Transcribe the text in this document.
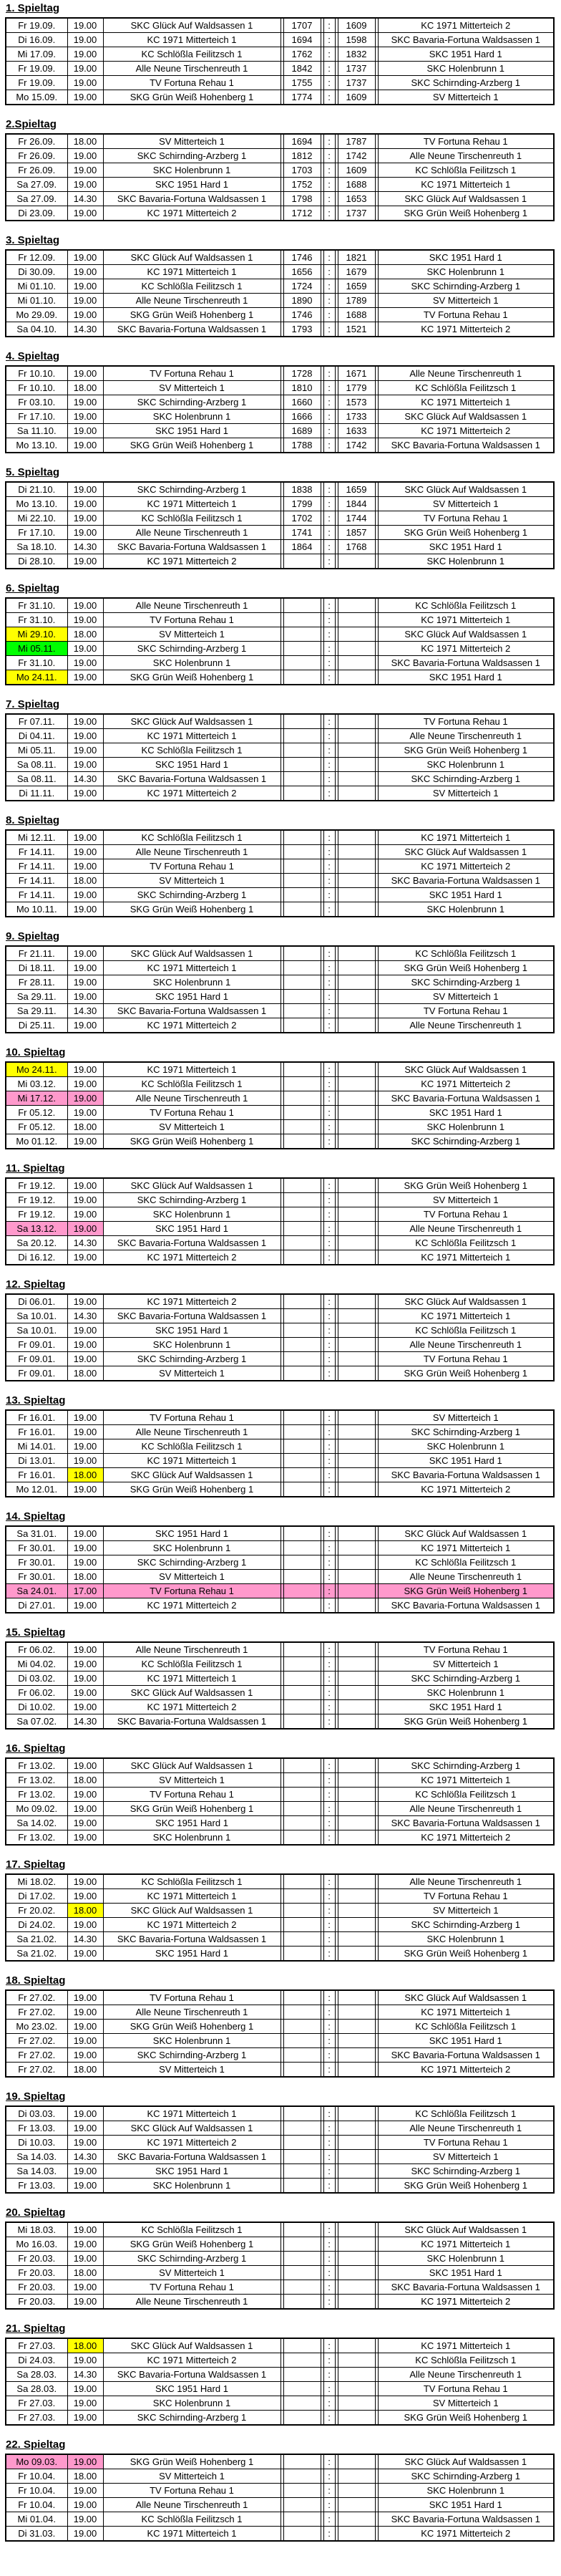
1. Spieltag
Fr 19.09.	19.00	SKC Glück Auf Waldsassen 1		1707		:		1609		KC 1971 Mitterteich 2
Di 16.09.	19.00	KC 1971 Mitterteich 1		1694		:		1598		SKC Bavaria-Fortuna Waldsassen 1
Mi 17.09.	19.00	KC Schlößla Feilitzsch 1		1762		:		1832		SKC 1951 Hard 1
Fr 19.09.	19.00	Alle Neune Tirschenreuth 1		1842		:		1737		SKC Holenbrunn 1
Fr 19.09.	19.00	TV Fortuna Rehau 1		1755		:		1737		SKC Schirnding-Arzberg 1
Mo 15.09.	19.00	SKG Grün Weiß Hohenberg 1		1774		:		1609		SV Mitterteich 1
2.Spieltag
Fr 26.09.	18.00	SV Mitterteich 1		1694		:		1787		TV Fortuna Rehau 1
Fr 26.09.	19.00	SKC Schirnding-Arzberg 1		1812		:		1742		Alle Neune Tirschenreuth 1
Fr 26.09.	19.00	SKC Holenbrunn 1		1703		:		1609		KC Schlößla Feilitzsch 1
Sa 27.09.	19.00	SKC 1951 Hard 1		1752		:		1688		KC 1971 Mitterteich 1
Sa 27.09.	14.30	SKC Bavaria-Fortuna Waldsassen 1		1798		:		1653		SKC Glück Auf Waldsassen 1
Di 23.09.	19.00	KC 1971 Mitterteich 2		1712		:		1737		SKG Grün Weiß Hohenberg 1
3. Spieltag
Fr 12.09.	19.00	SKC Glück Auf Waldsassen 1		1746		:		1821		SKC 1951 Hard 1
Di 30.09.	19.00	KC 1971 Mitterteich 1		1656		:		1679		SKC Holenbrunn 1
Mi 01.10.	19.00	KC Schlößla Feilitzsch 1		1724		:		1659		SKC Schirnding-Arzberg 1
Mi 01.10.	19.00	Alle Neune Tirschenreuth 1		1890		:		1789		SV Mitterteich 1
Mo 29.09.	19.00	SKG Grün Weiß Hohenberg 1		1746		:		1688		TV Fortuna Rehau 1
Sa 04.10.	14.30	SKC Bavaria-Fortuna Waldsassen 1		1793		:		1521		KC 1971 Mitterteich 2
4. Spieltag
Fr 10.10.	19.00	TV Fortuna Rehau 1		1728		:		1671		Alle Neune Tirschenreuth 1
Fr 10.10.	18.00	SV Mitterteich 1		1810		:		1779		KC Schlößla Feilitzsch 1
Fr 03.10.	19.00	SKC Schirnding-Arzberg 1		1660		:		1573		KC 1971 Mitterteich 1
Fr 17.10.	19.00	SKC Holenbrunn 1		1666		:		1733		SKC Glück Auf Waldsassen 1
Sa 11.10.	19.00	SKC 1951 Hard 1		1689		:		1633		KC 1971 Mitterteich 2
Mo 13.10.	19.00	SKG Grün Weiß Hohenberg 1		1788		:		1742		SKC Bavaria-Fortuna Waldsassen 1
5. Spieltag
Di 21.10.	19.00	SKC Schirnding-Arzberg 1		1838		:		1659		SKC Glück Auf Waldsassen 1
Mo 13.10.	19.00	KC 1971 Mitterteich 1		1799		:		1844		SV Mitterteich 1
Mi 22.10.	19.00	KC Schlößla Feilitzsch 1		1702		:		1744		TV Fortuna Rehau 1
Fr 17.10.	19.00	Alle Neune Tirschenreuth 1		1741		:		1857		SKG Grün Weiß Hohenberg 1
Sa 18.10.	14.30	SKC Bavaria-Fortuna Waldsassen 1		1864		:		1768		SKC 1951 Hard 1
Di 28.10.	19.00	KC 1971 Mitterteich 2				:				SKC Holenbrunn 1
6. Spieltag
Fr 31.10.	19.00	Alle Neune Tirschenreuth 1				:				KC Schlößla Feilitzsch 1
Fr 31.10.	19.00	TV Fortuna Rehau 1				:				KC 1971 Mitterteich 1
Mi 29.10.	18.00	SV Mitterteich 1				:				SKC Glück Auf Waldsassen 1
Mi 05.11.	19.00	SKC Schirnding-Arzberg 1				:				KC 1971 Mitterteich 2
Fr 31.10.	19.00	SKC Holenbrunn 1				:				SKC Bavaria-Fortuna Waldsassen 1
Mo 24.11.	19.00	SKG Grün Weiß Hohenberg 1				:				SKC 1951 Hard 1
7. Spieltag
Fr 07.11.	19.00	SKC Glück Auf Waldsassen 1				:				TV Fortuna Rehau 1
Di 04.11.	19.00	KC 1971 Mitterteich 1				:				Alle Neune Tirschenreuth 1
Mi 05.11.	19.00	KC Schlößla Feilitzsch 1				:				SKG Grün Weiß Hohenberg 1
Sa 08.11.	19.00	SKC 1951 Hard 1				:				SKC Holenbrunn 1
Sa 08.11.	14.30	SKC Bavaria-Fortuna Waldsassen 1				:				SKC Schirnding-Arzberg 1
Di 11.11.	19.00	KC 1971 Mitterteich 2				:				SV Mitterteich 1
8. Spieltag
Mi 12.11.	19.00	KC Schlößla Feilitzsch 1				:				KC 1971 Mitterteich 1
Fr 14.11.	19.00	Alle Neune Tirschenreuth 1				:				SKC Glück Auf Waldsassen 1
Fr 14.11.	19.00	TV Fortuna Rehau 1				:				KC 1971 Mitterteich 2
Fr 14.11.	18.00	SV Mitterteich 1				:				SKC Bavaria-Fortuna Waldsassen 1
Fr 14.11.	19.00	SKC Schirnding-Arzberg 1				:				SKC 1951 Hard 1
Mo 10.11.	19.00	SKG Grün Weiß Hohenberg 1				:				SKC Holenbrunn 1
9. Spieltag
Fr 21.11.	19.00	SKC Glück Auf Waldsassen 1				:				KC Schlößla Feilitzsch 1
Di 18.11.	19.00	KC 1971 Mitterteich 1				:				SKG Grün Weiß Hohenberg 1
Fr 28.11.	19.00	SKC Holenbrunn 1				:				SKC Schirnding-Arzberg 1
Sa 29.11.	19.00	SKC 1951 Hard 1				:				SV Mitterteich 1
Sa 29.11.	14.30	SKC Bavaria-Fortuna Waldsassen 1				:				TV Fortuna Rehau 1
Di 25.11.	19.00	KC 1971 Mitterteich 2				:				Alle Neune Tirschenreuth 1
10. Spieltag
Mo 24.11.	19.00	KC 1971 Mitterteich 1				:				SKC Glück Auf Waldsassen 1
Mi 03.12.	19.00	KC Schlößla Feilitzsch 1				:				KC 1971 Mitterteich 2
Mi 17.12.	19.00	Alle Neune Tirschenreuth 1				:				SKC Bavaria-Fortuna Waldsassen 1
Fr 05.12.	19.00	TV Fortuna Rehau 1				:				SKC 1951 Hard 1
Fr 05.12.	18.00	SV Mitterteich 1				:				SKC Holenbrunn 1
Mo 01.12.	19.00	SKG Grün Weiß Hohenberg 1				:				SKC Schirnding-Arzberg 1
11. Spieltag
Fr 19.12.	19.00	SKC Glück Auf Waldsassen 1				:				SKG Grün Weiß Hohenberg 1
Fr 19.12.	19.00	SKC Schirnding-Arzberg 1				:				SV Mitterteich 1
Fr 19.12.	19.00	SKC Holenbrunn 1				:				TV Fortuna Rehau 1
Sa 13.12.	19.00	SKC 1951 Hard 1				:				Alle Neune Tirschenreuth 1
Sa 20.12.	14.30	SKC Bavaria-Fortuna Waldsassen 1				:				KC Schlößla Feilitzsch 1
Di 16.12.	19.00	KC 1971 Mitterteich 2				:				KC 1971 Mitterteich 1
12. Spieltag
Di 06.01.	19.00	KC 1971 Mitterteich 2				:				SKC Glück Auf Waldsassen 1
Sa 10.01.	14.30	SKC Bavaria-Fortuna Waldsassen 1				:				KC 1971 Mitterteich 1
Sa 10.01.	19.00	SKC 1951 Hard 1				:				KC Schlößla Feilitzsch 1
Fr 09.01.	19.00	SKC Holenbrunn 1				:				Alle Neune Tirschenreuth 1
Fr 09.01.	19.00	SKC Schirnding-Arzberg 1				:				TV Fortuna Rehau 1
Fr 09.01.	18.00	SV Mitterteich 1				:				SKG Grün Weiß Hohenberg 1
13. Spieltag
Fr 16.01.	19.00	TV Fortuna Rehau 1				:				SV Mitterteich 1
Fr 16.01.	19.00	Alle Neune Tirschenreuth 1				:				SKC Schirnding-Arzberg 1
Mi 14.01.	19.00	KC Schlößla Feilitzsch 1				:				SKC Holenbrunn 1
Di 13.01.	19.00	KC 1971 Mitterteich 1				:				SKC 1951 Hard 1
Fr 16.01.	18.00	SKC Glück Auf Waldsassen 1				:				SKC Bavaria-Fortuna Waldsassen 1
Mo 12.01.	19.00	SKG Grün Weiß Hohenberg 1				:				KC 1971 Mitterteich 2
14. Spieltag
Sa 31.01.	19.00	SKC 1951 Hard 1				:				SKC Glück Auf Waldsassen 1
Fr 30.01.	19.00	SKC Holenbrunn 1				:				KC 1971 Mitterteich 1
Fr 30.01.	19.00	SKC Schirnding-Arzberg 1				:				KC Schlößla Feilitzsch 1
Fr 30.01.	18.00	SV Mitterteich 1				:				Alle Neune Tirschenreuth 1
Sa 24.01.	17.00	TV Fortuna Rehau 1				:				SKG Grün Weiß Hohenberg 1
Di 27.01.	19.00	KC 1971 Mitterteich 2				:				SKC Bavaria-Fortuna Waldsassen 1
15. Spieltag
Fr 06.02.	19.00	Alle Neune Tirschenreuth 1				:				TV Fortuna Rehau 1
Mi 04.02.	19.00	KC Schlößla Feilitzsch 1				:				SV Mitterteich 1
Di 03.02.	19.00	KC 1971 Mitterteich 1				:				SKC Schirnding-Arzberg 1
Fr 06.02.	19.00	SKC Glück Auf Waldsassen 1				:				SKC Holenbrunn 1
Di 10.02.	19.00	KC 1971 Mitterteich 2				:				SKC 1951 Hard 1
Sa 07.02.	14.30	SKC Bavaria-Fortuna Waldsassen 1				:				SKG Grün Weiß Hohenberg 1
16. Spieltag
Fr 13.02.	19.00	SKC Glück Auf Waldsassen 1				:				SKC Schirnding-Arzberg 1
Fr 13.02.	18.00	SV Mitterteich 1				:				KC 1971 Mitterteich 1
Fr 13.02.	19.00	TV Fortuna Rehau 1				:				KC Schlößla Feilitzsch 1
Mo 09.02.	19.00	SKG Grün Weiß Hohenberg 1				:				Alle Neune Tirschenreuth 1
Sa 14.02.	19.00	SKC 1951 Hard 1				:				SKC Bavaria-Fortuna Waldsassen 1
Fr 13.02.	19.00	SKC Holenbrunn 1				:				KC 1971 Mitterteich 2
17. Spieltag
Mi 18.02.	19.00	KC Schlößla Feilitzsch 1				:				Alle Neune Tirschenreuth 1
Di 17.02.	19.00	KC 1971 Mitterteich 1				:				TV Fortuna Rehau 1
Fr 20.02.	18.00	SKC Glück Auf Waldsassen 1				:				SV Mitterteich 1
Di 24.02.	19.00	KC 1971 Mitterteich 2				:				SKC Schirnding-Arzberg 1
Sa 21.02.	14.30	SKC Bavaria-Fortuna Waldsassen 1				:				SKC Holenbrunn 1
Sa 21.02.	19.00	SKC 1951 Hard 1				:				SKG Grün Weiß Hohenberg 1
18. Spieltag
Fr 27.02.	19.00	TV Fortuna Rehau 1				:				SKC Glück Auf Waldsassen 1
Fr 27.02.	19.00	Alle Neune Tirschenreuth 1				:				KC 1971 Mitterteich 1
Mo 23.02.	19.00	SKG Grün Weiß Hohenberg 1				:				KC Schlößla Feilitzsch 1
Fr 27.02.	19.00	SKC Holenbrunn 1				:				SKC 1951 Hard 1
Fr 27.02.	19.00	SKC Schirnding-Arzberg 1				:				SKC Bavaria-Fortuna Waldsassen 1
Fr 27.02.	18.00	SV Mitterteich 1				:				KC 1971 Mitterteich 2
19. Spieltag
Di 03.03.	19.00	KC 1971 Mitterteich 1				:				KC Schlößla Feilitzsch 1
Fr 13.03.	19.00	SKC Glück Auf Waldsassen 1				:				Alle Neune Tirschenreuth 1
Di 10.03.	19.00	KC 1971 Mitterteich 2				:				TV Fortuna Rehau 1
Sa 14.03.	14.30	SKC Bavaria-Fortuna Waldsassen 1				:				SV Mitterteich 1
Sa 14.03.	19.00	SKC 1951 Hard 1				:				SKC Schirnding-Arzberg 1
Fr 13.03.	19.00	SKC Holenbrunn 1				:				SKG Grün Weiß Hohenberg 1
20. Spieltag
Mi 18.03.	19.00	KC Schlößla Feilitzsch 1				:				SKC Glück Auf Waldsassen 1
Mo 16.03.	19.00	SKG Grün Weiß Hohenberg 1				:				KC 1971 Mitterteich 1
Fr 20.03.	19.00	SKC Schirnding-Arzberg 1				:				SKC Holenbrunn 1
Fr 20.03.	18.00	SV Mitterteich 1				:				SKC 1951 Hard 1
Fr 20.03.	19.00	TV Fortuna Rehau 1				:				SKC Bavaria-Fortuna Waldsassen 1
Fr 20.03.	19.00	Alle Neune Tirschenreuth 1				:				KC 1971 Mitterteich 2
21. Spieltag
Fr 27.03.	18.00	SKC Glück Auf Waldsassen 1				:				KC 1971 Mitterteich 1
Di 24.03.	19.00	KC 1971 Mitterteich 2				:				KC Schlößla Feilitzsch 1
Sa 28.03.	14.30	SKC Bavaria-Fortuna Waldsassen 1				:				Alle Neune Tirschenreuth 1
Sa 28.03.	19.00	SKC 1951 Hard 1				:				TV Fortuna Rehau 1
Fr 27.03.	19.00	SKC Holenbrunn 1				:				SV Mitterteich 1
Fr 27.03.	19.00	SKC Schirnding-Arzberg 1				:				SKG Grün Weiß Hohenberg 1
22. Spieltag
Mo 09.03.	19.00	SKG Grün Weiß Hohenberg 1				:				SKC Glück Auf Waldsassen 1
Fr 10.04.	18.00	SV Mitterteich 1				:				SKC Schirnding-Arzberg 1
Fr 10.04.	19.00	TV Fortuna Rehau 1				:				SKC Holenbrunn 1
Fr 10.04.	19.00	Alle Neune Tirschenreuth 1				:				SKC 1951 Hard 1
Mi 01.04.	19.00	KC Schlößla Feilitzsch 1				:				SKC Bavaria-Fortuna Waldsassen 1
Di 31.03.	19.00	KC 1971 Mitterteich 1				:				KC 1971 Mitterteich 2
